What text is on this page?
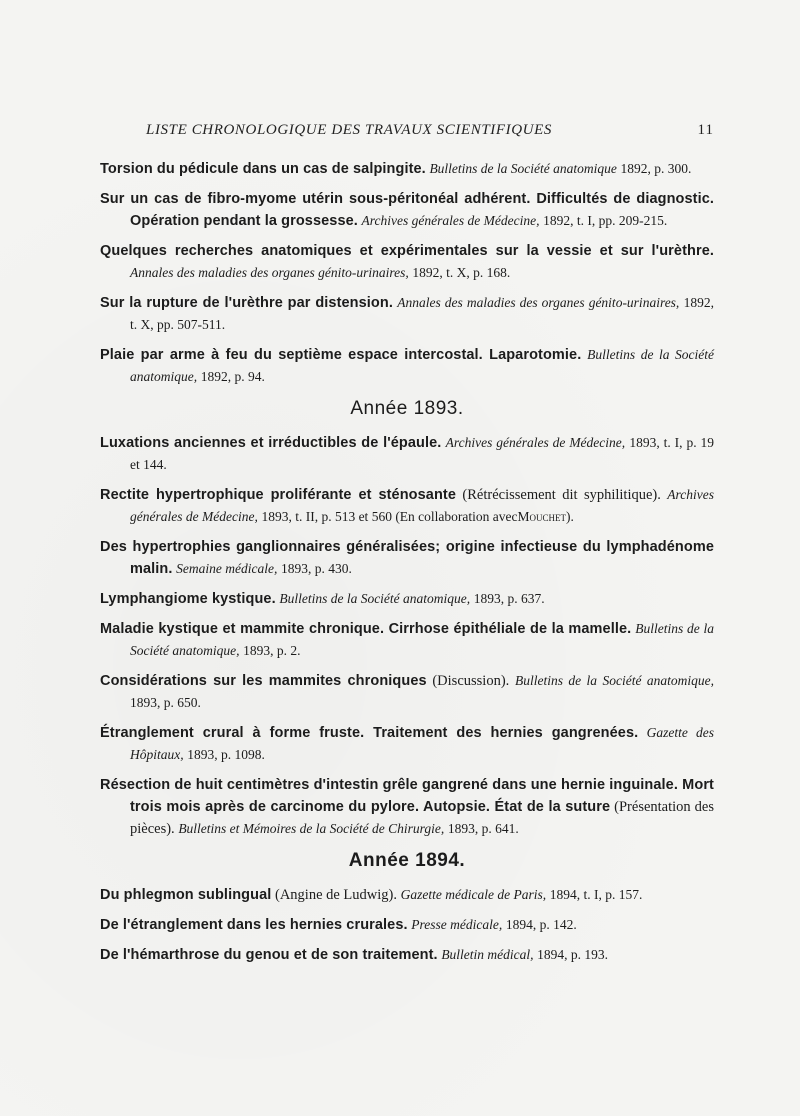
LISTE CHRONOLOGIQUE DES TRAVAUX SCIENTIFIQUES	11
Torsion du pédicule dans un cas de salpingite. Bulletins de la Société anatomique 1892, p. 300.
Sur un cas de fibro-myome utérin sous-péritonéal adhérent. Difficultés de diagnostic. Opération pendant la grossesse. Archives générales de Médecine, 1892, t. I, pp. 209-215.
Quelques recherches anatomiques et expérimentales sur la vessie et sur l'urèthre. Annales des maladies des organes génito-urinaires, 1892, t. X, p. 168.
Sur la rupture de l'urèthre par distension. Annales des maladies des organes génito-urinaires, 1892, t. X, pp. 507-511.
Plaie par arme à feu du septième espace intercostal. Laparotomie. Bulletins de la Société anatomique, 1892, p. 94.
Année 1893.
Luxations anciennes et irréductibles de l'épaule. Archives générales de Médecine, 1893, t. I, p. 19 et 144.
Rectite hypertrophique proliférante et sténosante (Rétrécissement dit syphilitique). Archives générales de Médecine, 1893, t. II, p. 513 et 560 (En collaboration avecMouchet).
Des hypertrophies ganglionnaires généralisées; origine infectieuse du lymphadénome malin. Semaine médicale, 1893, p. 430.
Lymphangiome kystique. Bulletins de la Société anatomique, 1893, p. 637.
Maladie kystique et mammite chronique. Cirrhose épithéliale de la mamelle. Bulletins de la Société anatomique, 1893, p. 2.
Considérations sur les mammites chroniques (Discussion). Bulletins de la Société anatomique, 1893, p. 650.
Étranglement crural à forme fruste. Traitement des hernies gangrenées. Gazette des Hôpitaux, 1893, p. 1098.
Résection de huit centimètres d'intestin grêle gangrené dans une hernie inguinale. Mort trois mois après de carcinome du pylore. Autopsie. État de la suture (Présentation des pièces). Bulletins et Mémoires de la Société de Chirurgie, 1893, p. 641.
Année 1894.
Du phlegmon sublingual (Angine de Ludwig). Gazette médicale de Paris, 1894, t. I, p. 157.
De l'étranglement dans les hernies crurales. Presse médicale, 1894, p. 142.
De l'hémarthrose du genou et de son traitement. Bulletin médical, 1894, p. 193.
